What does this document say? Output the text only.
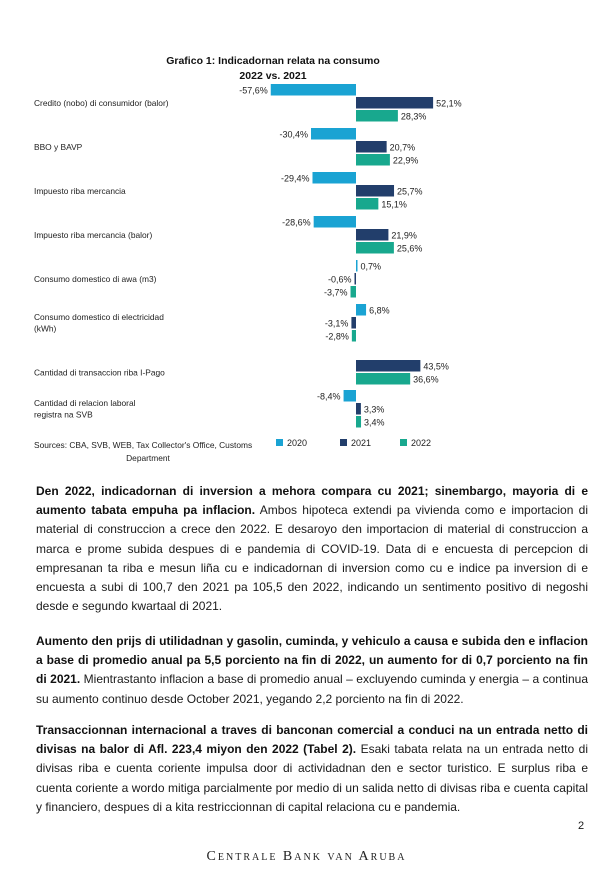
Grafico 1: Indicadornan relata na consumo
2022 vs. 2021
-57,6%
52,1%
28,3%
-30,4%
20,7%
22,9%
-29,4%
25,7%
15,1%
-28,6%
21,9%
25,6%
0,7%
-0,6%
-3,7%
6,8%
-3,1%
-2,8%
43,5%
36,6%
-8,4%
3,3%
3,4%
Credito (nobo) di consumidor (balor)
BBO y BAVP
Impuesto riba mercancia
Impuesto riba mercancia (balor)
Consumo domestico di awa (m3)
Consumo domestico di electricidad (kWh)
Cantidad di transaccion riba I-Pago
Cantidad di relacion laboral registra na SVB
Sources: CBA, SVB, WEB, Tax Collector's Office, Customs
Department
2020	2021	2022

Den 2022, indicadornan di inversion a mehora compara cu 2021; sinembargo, mayoria di e aumento tabata empuha pa inflacion. Ambos hipoteca extendi pa vivienda como e importacion di material di construccion a crece den 2022. E desaroyo den importacion di material di construccion a marca e prome subida despues di e pandemia di COVID-19. Data di e encuesta di percepcion di empresanan ta riba e mesun liña cu e indicadornan di inversion como cu e indice pa inversion di e encuesta a subi di 100,7 den 2021 pa 105,5 den 2022, indicando un sentimento positivo di negoshi desde e segundo kwartaal di 2021.

Aumento den prijs di utilidadnan y gasolin, cuminda, y vehiculo a causa e subida den e inflacion a base di promedio anual pa 5,5 porciento na fin di 2022, un aumento for di 0,7 porciento na fin di 2021. Mientrastanto inflacion a base di promedio anual – excluyendo cuminda y energia – a continua su aumento continuo desde October 2021, yegando 2,2 porciento na fin di 2022.

Transaccionnan internacional a traves di banconan comercial a conduci na un entrada netto di divisas na balor di Afl. 223,4 miyon den 2022 (Tabel 2). Esaki tabata relata na un entrada netto di divisas riba e cuenta coriente impulsa door di actividadnan den e sector turistico. E surplus riba e cuenta coriente a wordo mitiga parcialmente por medio di un salida netto di divisas riba e cuenta capital y financiero, despues di a kita restriccionnan di capital relaciona cu e pandemia.

2
Centrale Bank van Aruba
